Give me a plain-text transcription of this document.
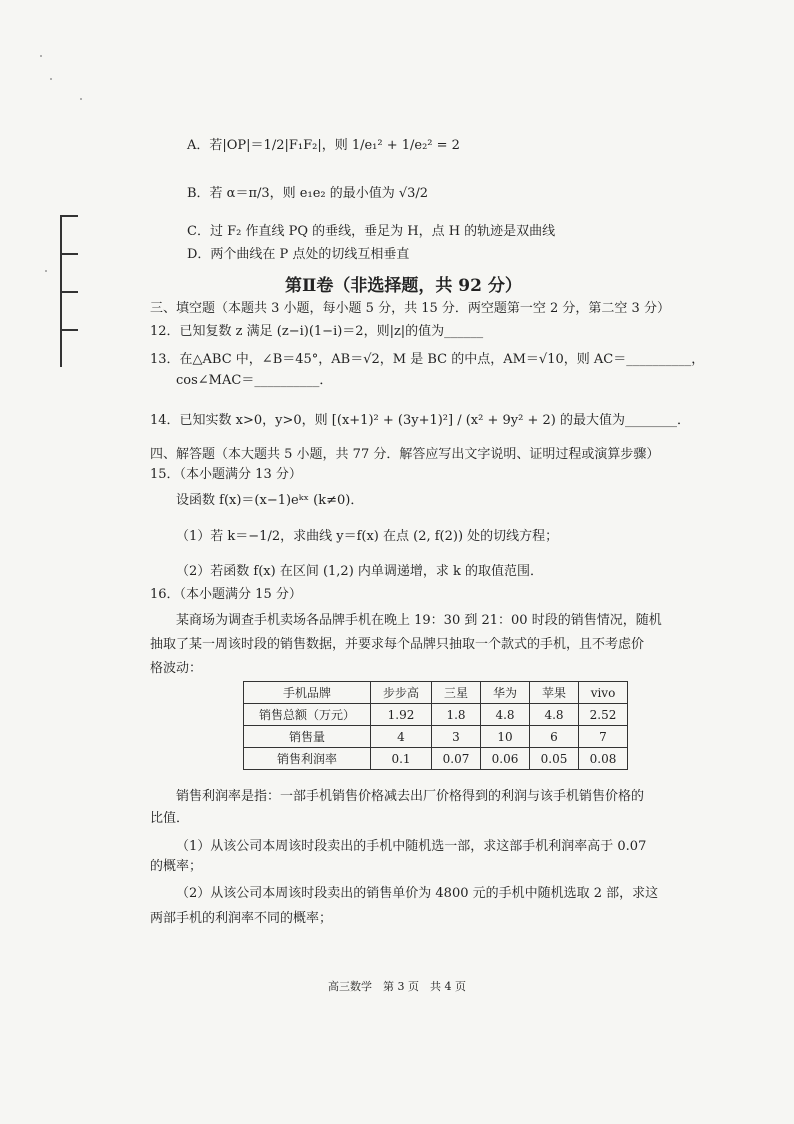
A．若|OP|＝1/2|F₁F₂|，则 1/e₁² + 1/e₂² = 2
B．若 α＝π/3，则 e₁e₂ 的最小值为 √3/2
C．过 F₂ 作直线 PQ 的垂线，垂足为 H，点 H 的轨迹是双曲线
D．两个曲线在 P 点处的切线互相垂直
第Ⅱ卷（非选择题，共 92 分）
三、填空题（本题共 3 小题，每小题 5 分，共 15 分．两空题第一空 2 分，第二空 3 分）
12．已知复数 z 满足 (z−i)(1−i)＝2，则|z|的值为______
13．在△ABC 中，∠B＝45°，AB＝√2，M 是 BC 的中点，AM＝√10，则 AC＝__________，
cos∠MAC＝__________．
14．已知实数 x>0，y>0，则 [(x+1)² + (3y+1)²] / (x² + 9y² + 2) 的最大值为________．
四、解答题（本大题共 5 小题，共 77 分．解答应写出文字说明、证明过程或演算步骤）
15．（本小题满分 13 分）
设函数 f(x)＝(x−1)eᵏˣ (k≠0)．
（1）若 k＝−1/2，求曲线 y＝f(x) 在点 (2, f(2)) 处的切线方程；
（2）若函数 f(x) 在区间 (1,2) 内单调递增，求 k 的取值范围．
16．（本小题满分 15 分）
某商场为调查手机卖场各品牌手机在晚上 19：30 到 21：00 时段的销售情况，随机
抽取了某一周该时段的销售数据，并要求每个品牌只抽取一个款式的手机，且不考虑价
格波动：
手机品牌	步步高	三星	华为	苹果	vivo
销售总额（万元）	1.92	1.8	4.8	4.8	2.52
销售量	4	3	10	6	7
销售利润率	0.1	0.07	0.06	0.05	0.08
销售利润率是指：一部手机销售价格减去出厂价格得到的利润与该手机销售价格的
比值．
（1）从该公司本周该时段卖出的手机中随机选一部，求这部手机利润率高于 0.07
的概率；
（2）从该公司本周该时段卖出的销售单价为 4800 元的手机中随机选取 2 部，求这
两部手机的利润率不同的概率；
高三数学　第 3 页　共 4 页
